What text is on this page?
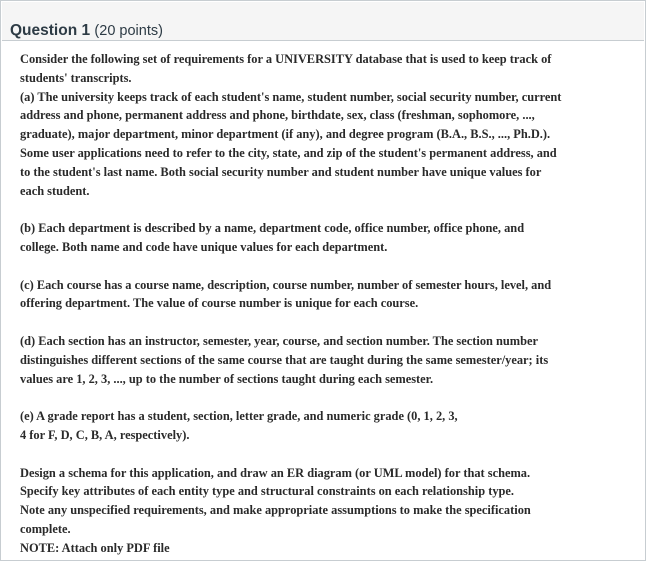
Question 1 (20 points)
Consider the following set of requirements for a UNIVERSITY database that is used to keep track of
students' transcripts.
(a) The university keeps track of each student's name, student number, social security number, current
address and phone, permanent address and phone, birthdate, sex, class (freshman, sophomore, ...,
graduate), major department, minor department (if any), and degree program (B.A., B.S., ..., Ph.D.).
Some user applications need to refer to the city, state, and zip of the student's permanent address, and
to the student's last name. Both social security number and student number have unique values for
each student.
(b) Each department is described by a name, department code, office number, office phone, and
college. Both name and code have unique values for each department.
(c) Each course has a course name, description, course number, number of semester hours, level, and
offering department. The value of course number is unique for each course.
(d) Each section has an instructor, semester, year, course, and section number. The section number
distinguishes different sections of the same course that are taught during the same semester/year; its
values are 1, 2, 3, ..., up to the number of sections taught during each semester.
(e) A grade report has a student, section, letter grade, and numeric grade (0, 1, 2, 3,
4 for F, D, C, B, A, respectively).
Design a schema for this application, and draw an ER diagram (or UML model) for that schema.
Specify key attributes of each entity type and structural constraints on each relationship type.
Note any unspecified requirements, and make appropriate assumptions to make the specification
complete.
NOTE: Attach only PDF file
